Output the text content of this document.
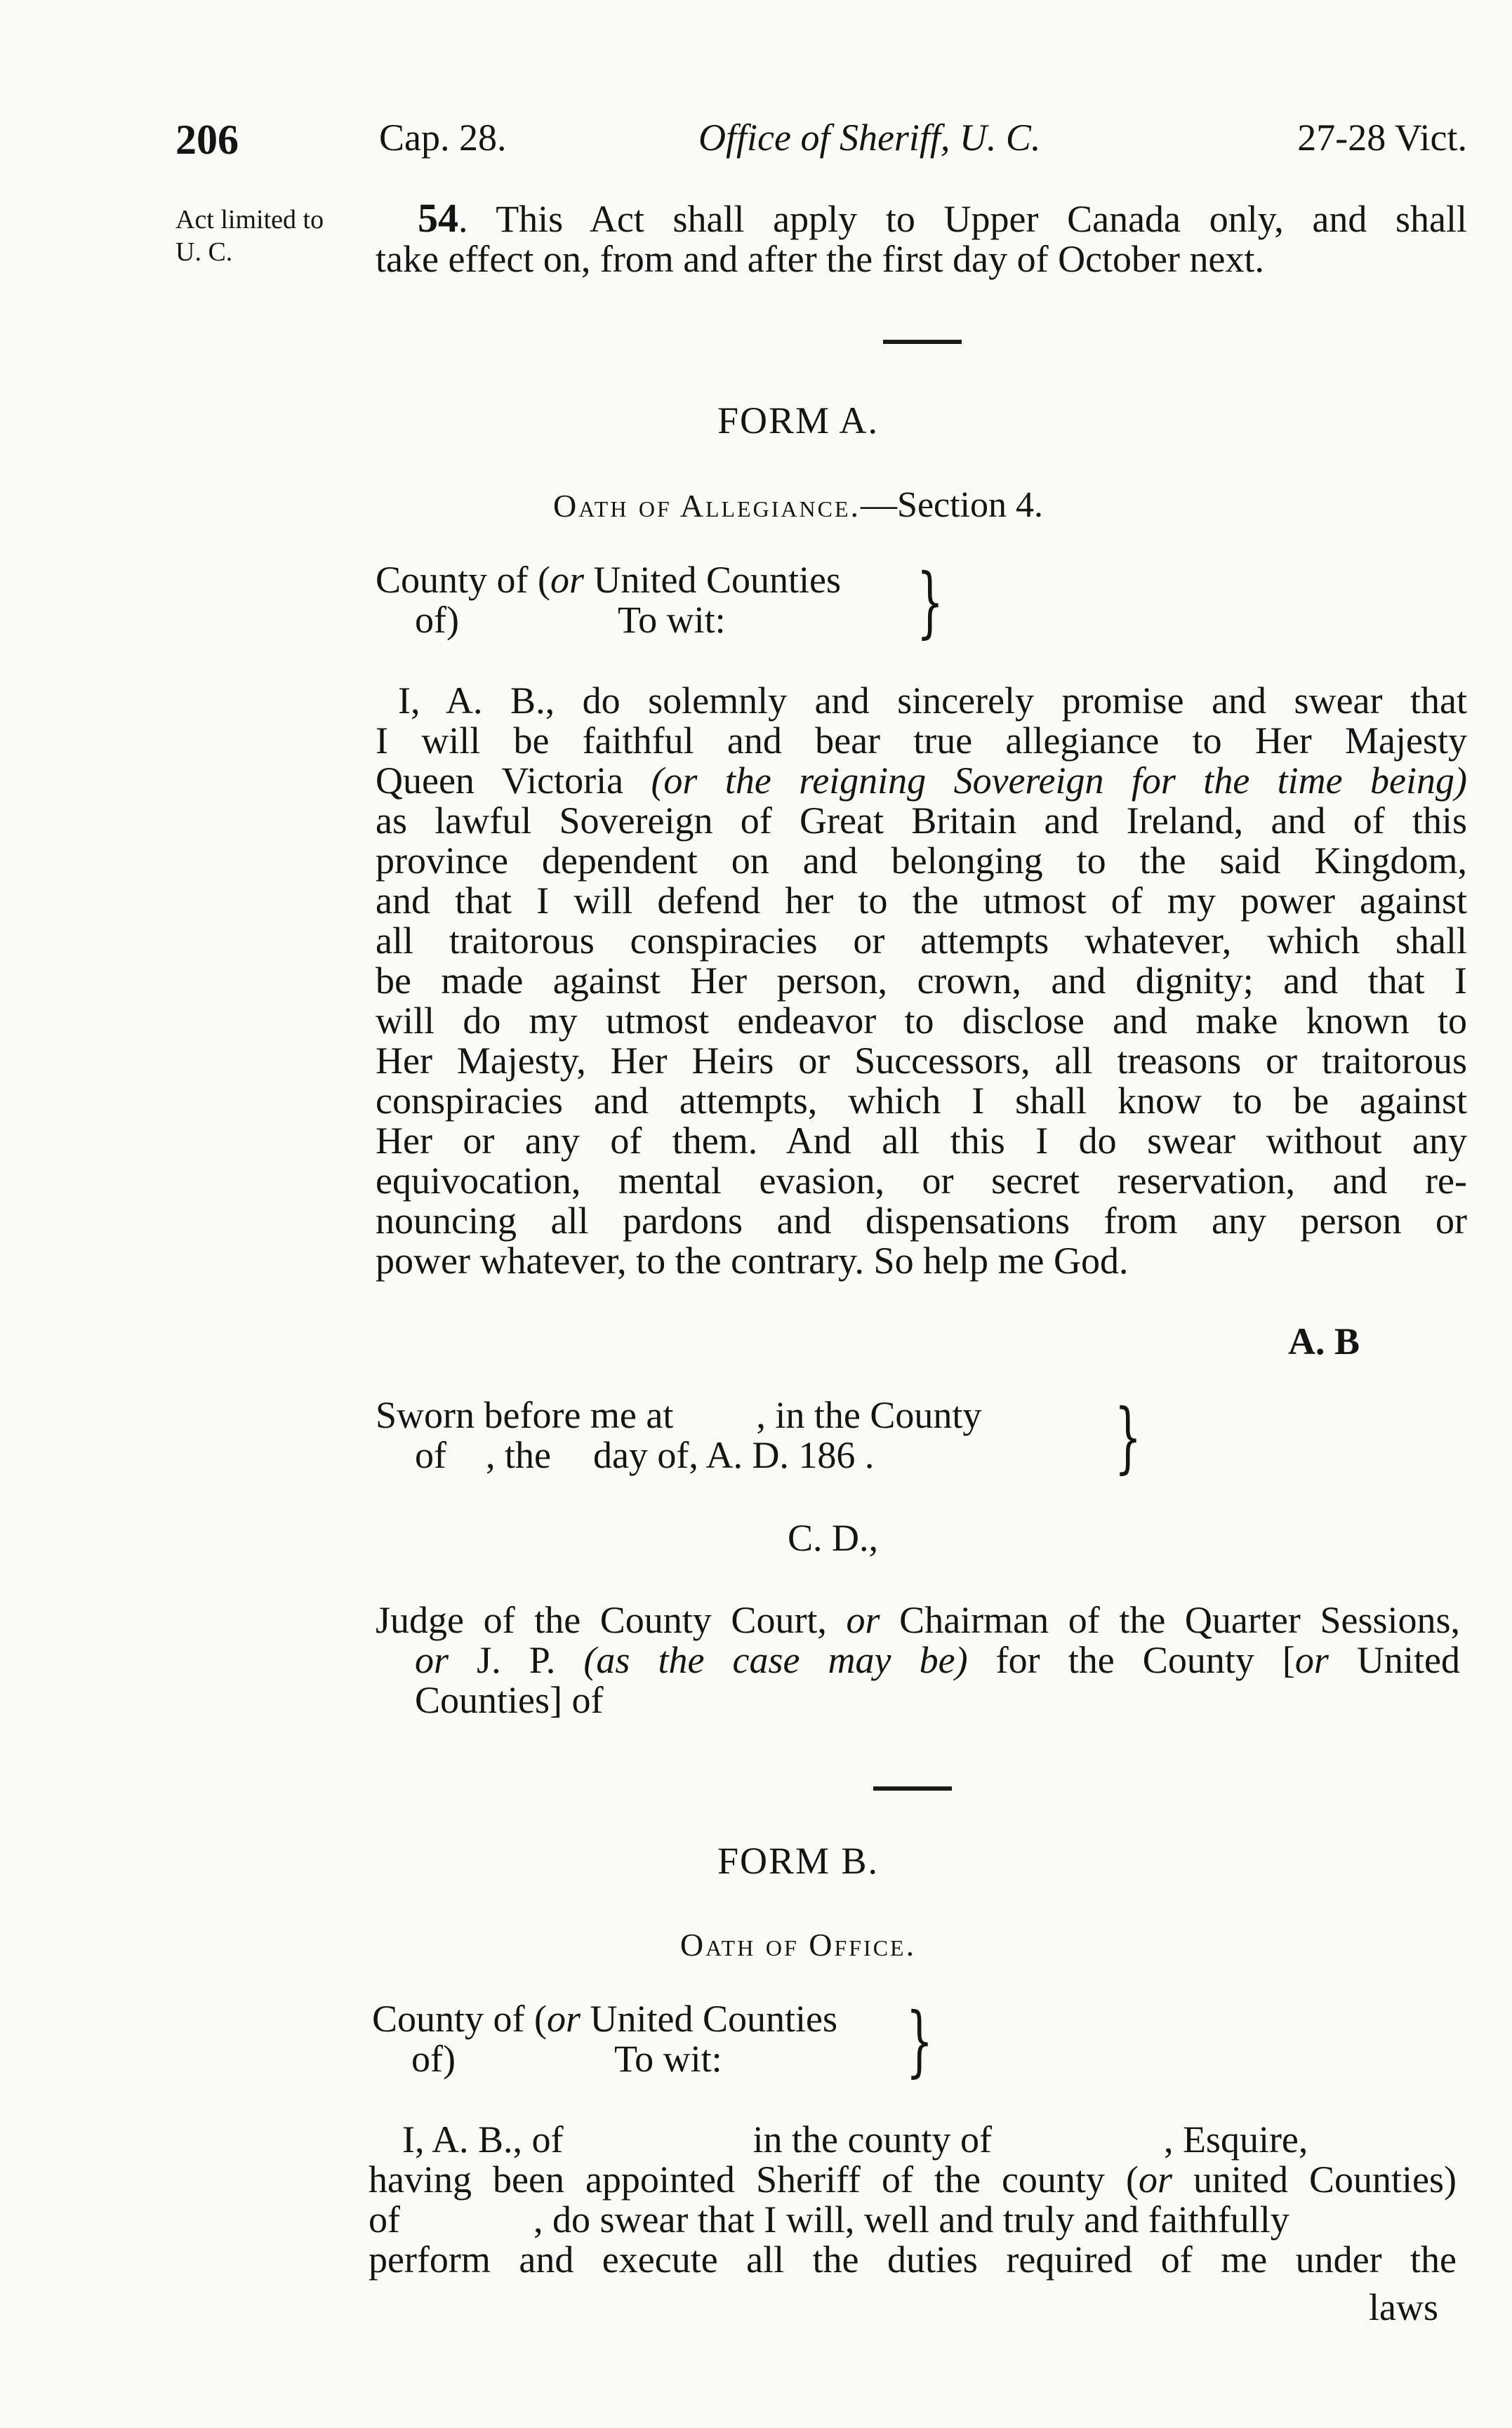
206	Cap. 28.	Office of Sheriff, U. C.	27-28 Vict.
Act limited to
U. C.
54. This Act shall apply to Upper Canada only, and shall
take effect on, from and after the first day of October next.
FORM A.
Oath of Allegiance.—Section 4.
County of (or United Counties
of)	To wit:	}
I, A. B., do solemnly and sincerely promise and swear that
I will be faithful and bear true allegiance to Her Majesty
Queen Victoria (or the reigning Sovereign for the time being)
as lawful Sovereign of Great Britain and Ireland, and of this
province dependent on and belonging to the said Kingdom,
and that I will defend her to the utmost of my power against
all traitorous conspiracies or attempts whatever, which shall
be made against Her person, crown, and dignity; and that I
will do my utmost endeavor to disclose and make known to
Her Majesty, Her Heirs or Successors, all treasons or traitorous
conspiracies and attempts, which I shall know to be against
Her or any of them. And all this I do swear without any
equivocation, mental evasion, or secret reservation, and re-
nouncing all pardons and dispensations from any person or
power whatever, to the contrary. So help me God.
A. B
Sworn before me at , in the County
of , the day of, A. D. 186 .	}
C. D.,
Judge of the County Court, or Chairman of the Quarter Sessions,
or J. P. (as the case may be) for the County [or United
Counties] of
FORM B.
Oath of Office.
County of (or United Counties
of)	To wit:	}
I, A. B., of	in the county of	, Esquire,
having been appointed Sheriff of the county (or united Counties)
of	, do swear that I will, well and truly and faithfully
perform and execute all the duties required of me under the
laws
